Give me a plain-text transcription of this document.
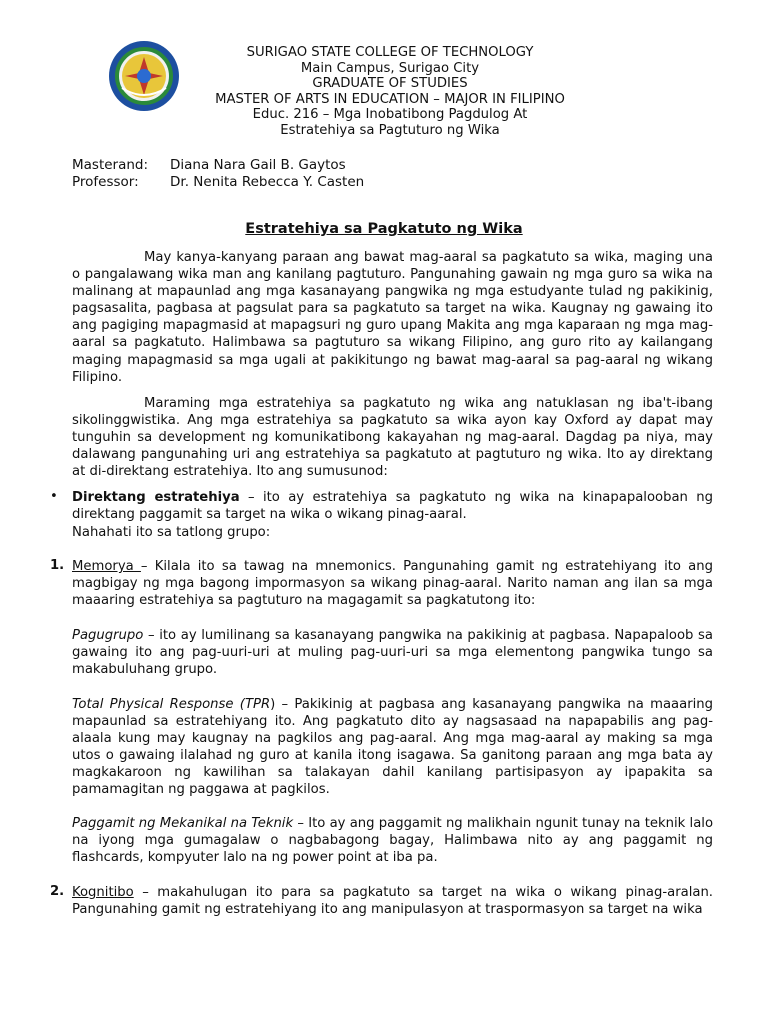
SURIGAO STATE COLLEGE OF TECHNOLOGY
Main Campus, Surigao City
GRADUATE OF STUDIES
MASTER OF ARTS IN EDUCATION – MAJOR IN FILIPINO
Educ. 216 – Mga Inobatibong Pagdulog At
Estratehiya sa Pagtuturo ng Wika
Masterand: Diana Nara Gail B. Gaytos
Professor: Dr. Nenita Rebecca Y. Casten
Estratehiya sa Pagkatuto ng Wika
May kanya-kanyang paraan ang bawat mag-aaral sa pagkatuto sa wika, maging una o pangalawang wika man ang kanilang pagtuturo. Pangunahing gawain ng mga guro sa wika na malinang at mapaunlad ang mga kasanayang pangwika ng mga estudyante tulad ng pakikinig, pagsasalita, pagbasa at pagsulat para sa pagkatuto sa target na wika. Kaugnay ng gawaing ito ang pagiging mapagmasid at mapagsuri ng guro upang Makita ang mga kaparaan ng mga mag-aaral sa pagkatuto. Halimbawa sa pagtuturo sa wikang Filipino, ang guro rito ay kailangang maging mapagmasid sa mga ugali at pakikitungo ng bawat mag-aaral sa pag-aaral ng wikang Filipino.
Maraming mga estratehiya sa pagkatuto ng wika ang natuklasan ng iba't-ibang sikolinggwistika. Ang mga estratehiya sa pagkatuto sa wika ayon kay Oxford ay dapat may tunguhin sa development ng komunikatibong kakayahan ng mag-aaral. Dagdag pa niya, may dalawang pangunahing uri ang estratehiya sa pagkatuto at pagtuturo ng wika. Ito ay direktang at di-direktang estratehiya. Ito ang sumusunod:
• Direktang estratehiya – ito ay estratehiya sa pagkatuto ng wika na kinapapalooban ng direktang paggamit sa target na wika o wikang pinag-aaral.
Nahahati ito sa tatlong grupo:
1. Memorya – Kilala ito sa tawag na mnemonics. Pangunahing gamit ng estratehiyang ito ang magbigay ng mga bagong impormasyon sa wikang pinag-aaral. Narito naman ang ilan sa mga maaaring estratehiya sa pagtuturo na magagamit sa pagkatutong ito:
Pagugrupo – ito ay lumilinang sa kasanayang pangwika na pakikinig at pagbasa. Napapaloob sa gawaing ito ang pag-uuri-uri at muling pag-uuri-uri sa mga elementong pangwika tungo sa makabuluhang grupo.
Total Physical Response (TPR) – Pakikinig at pagbasa ang kasanayang pangwika na maaaring mapaunlad sa estratehiyang ito. Ang pagkatuto dito ay nagsasaad na napapabilis ang pag-alaala kung may kaugnay na pagkilos ang pag-aaral. Ang mga mag-aaral ay making sa mga utos o gawaing ilalahad ng guro at kanila itong isagawa. Sa ganitong paraan ang mga bata ay magkakaroon ng kawilihan sa talakayan dahil kanilang partisipasyon ay ipapakita sa pamamagitan ng paggawa at pagkilos.
Paggamit ng Mekanikal na Teknik – Ito ay ang paggamit ng malikhain ngunit tunay na teknik lalo na iyong mga gumagalaw o nagbabagong bagay, Halimbawa nito ay ang paggamit ng flashcards, kompyuter lalo na ng power point at iba pa.
2. Kognitibo – makahulugan ito para sa pagkatuto sa target na wika o wikang pinag-aralan. Pangunahing gamit ng estratehiyang ito ang manipulasyon at traspormasyon sa target na wika
